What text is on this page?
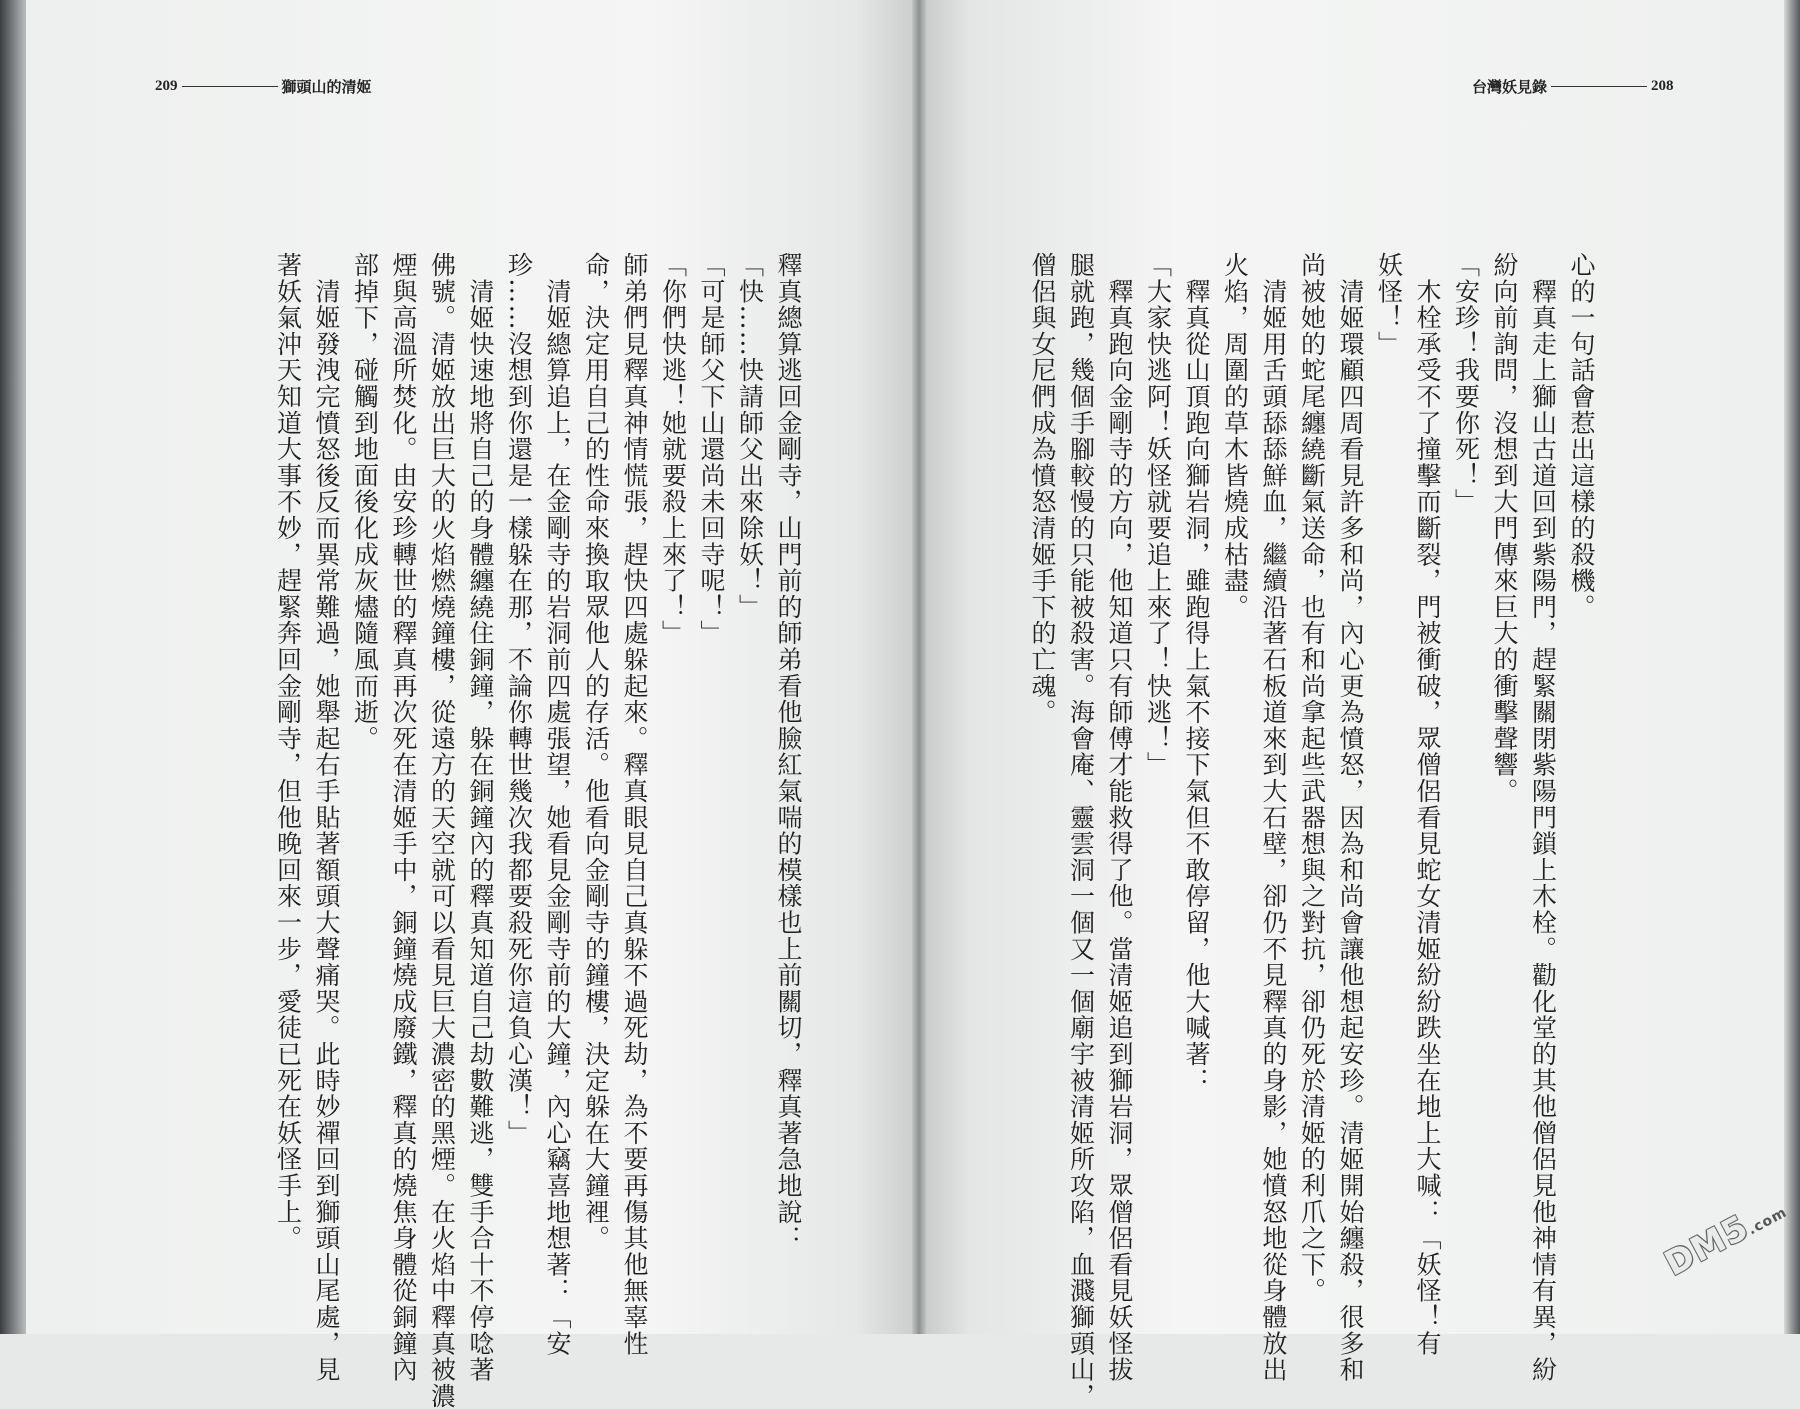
209	獅頭山的清姬	台灣妖見錄	208
心的一句話會惹出這樣的殺機。
　釋真走上獅山古道回到紫陽門，趕緊關閉紫陽門鎖上木栓。勸化堂的其他僧侶見他神情有異，紛
紛向前詢問，沒想到大門傳來巨大的衝擊聲響。
「安珍！我要你死！」
　木栓承受不了撞擊而斷裂，門被衝破，眾僧侶看見蛇女清姬紛紛跌坐在地上大喊：「妖怪！有
妖怪！」
　清姬環顧四周看見許多和尚，內心更為憤怒，因為和尚會讓他想起安珍。清姬開始纏殺，很多和
尚被她的蛇尾纏繞斷氣送命，也有和尚拿起些武器想與之對抗，卻仍死於清姬的利爪之下。
　清姬用舌頭舔舔鮮血，繼續沿著石板道來到大石壁，卻仍不見釋真的身影，她憤怒地從身體放出
火焰，周圍的草木皆燒成枯盡。
　釋真從山頂跑向獅岩洞，雖跑得上氣不接下氣但不敢停留，他大喊著：
「大家快逃阿！妖怪就要追上來了！快逃！」
　釋真跑向金剛寺的方向，他知道只有師傅才能救得了他。當清姬追到獅岩洞，眾僧侶看見妖怪拔
腿就跑，幾個手腳較慢的只能被殺害。海會庵、靈雲洞一個又一個廟宇被清姬所攻陷，血濺獅頭山，
僧侶與女尼們成為憤怒清姬手下的亡魂。
釋真總算逃回金剛寺，山門前的師弟看他臉紅氣喘的模樣也上前關切，釋真著急地說：
「快……快請師父出來除妖！」
「可是師父下山還尚未回寺呢！」
「你們快逃！她就要殺上來了！」
師弟們見釋真神情慌張，趕快四處躲起來。釋真眼見自己真躲不過死劫，為不要再傷其他無辜性
命，決定用自己的性命來換取眾他人的存活。他看向金剛寺的鐘樓，決定躲在大鐘裡。
　清姬總算追上，在金剛寺的岩洞前四處張望，她看見金剛寺前的大鐘，內心竊喜地想著：「安
珍……沒想到你還是一樣躲在那，不論你轉世幾次我都要殺死你這負心漢！」
　清姬快速地將自己的身體纏繞住銅鐘，躲在銅鐘內的釋真知道自己劫數難逃，雙手合十不停唸著
佛號。清姬放出巨大的火焰燃燒鐘樓，從遠方的天空就可以看見巨大濃密的黑煙。在火焰中釋真被濃
煙與高溫所焚化。由安珍轉世的釋真再次死在清姬手中，銅鐘燒成廢鐵，釋真的燒焦身體從銅鐘內
部掉下，碰觸到地面後化成灰燼隨風而逝。
　清姬發洩完憤怒後反而異常難過，她舉起右手貼著額頭大聲痛哭。此時妙禪回到獅頭山尾處，見
著妖氣沖天知道大事不妙，趕緊奔回金剛寺，但他晚回來一步，愛徒已死在妖怪手上。	DM5.com
